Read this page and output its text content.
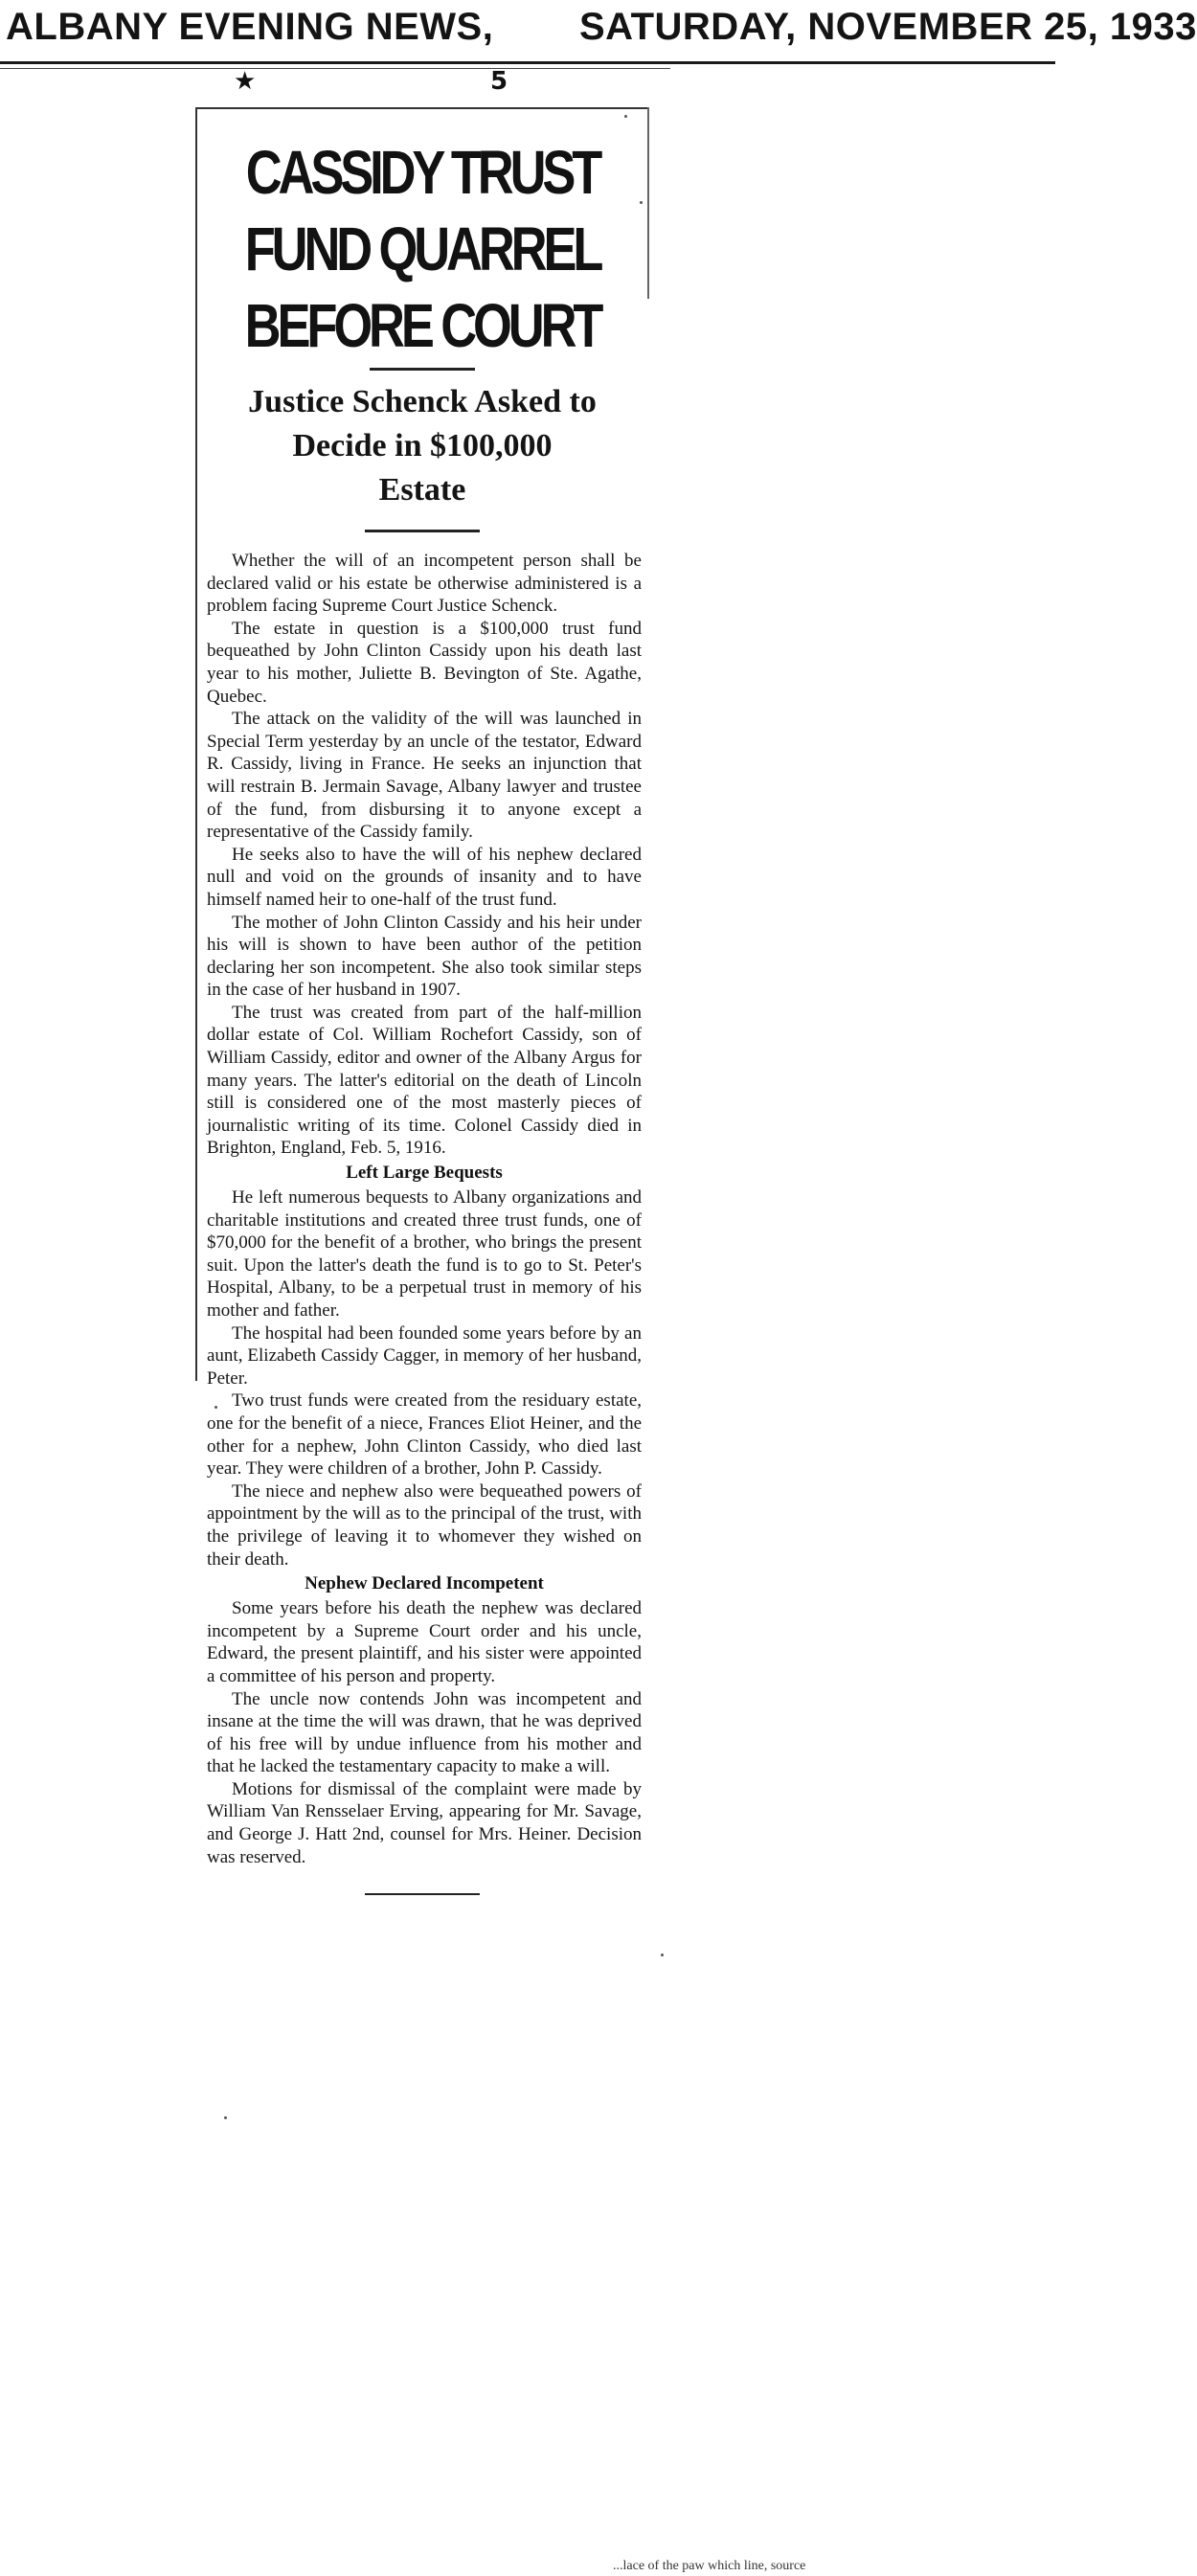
ALBANY EVENING NEWS, SATURDAY, NOVEMBER 25, 1933
★	5
CASSIDY TRUST
FUND QUARREL
BEFORE COURT
Justice Schenck Asked to
Decide in $100,000
Estate

Whether the will of an incompetent person shall be declared valid or his estate be otherwise administered is a problem facing Supreme Court Justice Schenck.

The estate in question is a $100,000 trust fund bequeathed by John Clinton Cassidy upon his death last year to his mother, Juliette B. Bevington of Ste. Agathe, Quebec.

The attack on the validity of the will was launched in Special Term yesterday by an uncle of the testator, Edward R. Cassidy, living in France. He seeks an injunction that will restrain B. Jermain Savage, Albany lawyer and trustee of the fund, from disbursing it to anyone except a representative of the Cassidy family.

He seeks also to have the will of his nephew declared null and void on the grounds of insanity and to have himself named heir to one-half of the trust fund.

The mother of John Clinton Cassidy and his heir under his will is shown to have been author of the petition declaring her son incompetent. She also took similar steps in the case of her husband in 1907.

The trust was created from part of the half-million dollar estate of Col. William Rochefort Cassidy, son of William Cassidy, editor and owner of the Albany Argus for many years. The latter's editorial on the death of Lincoln still is considered one of the most masterly pieces of journalistic writing of its time. Colonel Cassidy died in Brighton, England, Feb. 5, 1916.

Left Large Bequests

He left numerous bequests to Albany organizations and charitable institutions and created three trust funds, one of $70,000 for the benefit of a brother, who brings the present suit. Upon the latter's death the fund is to go to St. Peter's Hospital, Albany, to be a perpetual trust in memory of his mother and father.

The hospital had been founded some years before by an aunt, Elizabeth Cassidy Cagger, in memory of her husband, Peter.

Two trust funds were created from the residuary estate, one for the benefit of a niece, Frances Eliot Heiner, and the other for a nephew, John Clinton Cassidy, who died last year. They were children of a brother, John P. Cassidy.

The niece and nephew also were bequeathed powers of appointment by the will as to the principal of the trust, with the privilege of leaving it to whomever they wished on their death.

Nephew Declared Incompetent

Some years before his death the nephew was declared incompetent by a Supreme Court order and his uncle, Edward, the present plaintiff, and his sister were appointed a committee of his person and property.

The uncle now contends John was incompetent and insane at the time the will was drawn, that he was deprived of his free will by undue influence from his mother and that he lacked the testamentary capacity to make a will.

Motions for dismissal of the complaint were made by William Van Rensselaer Erving, appearing for Mr. Savage, and George J. Hatt 2nd, counsel for Mrs. Heiner. Decision was reserved.

...lace of the paw which line, source
